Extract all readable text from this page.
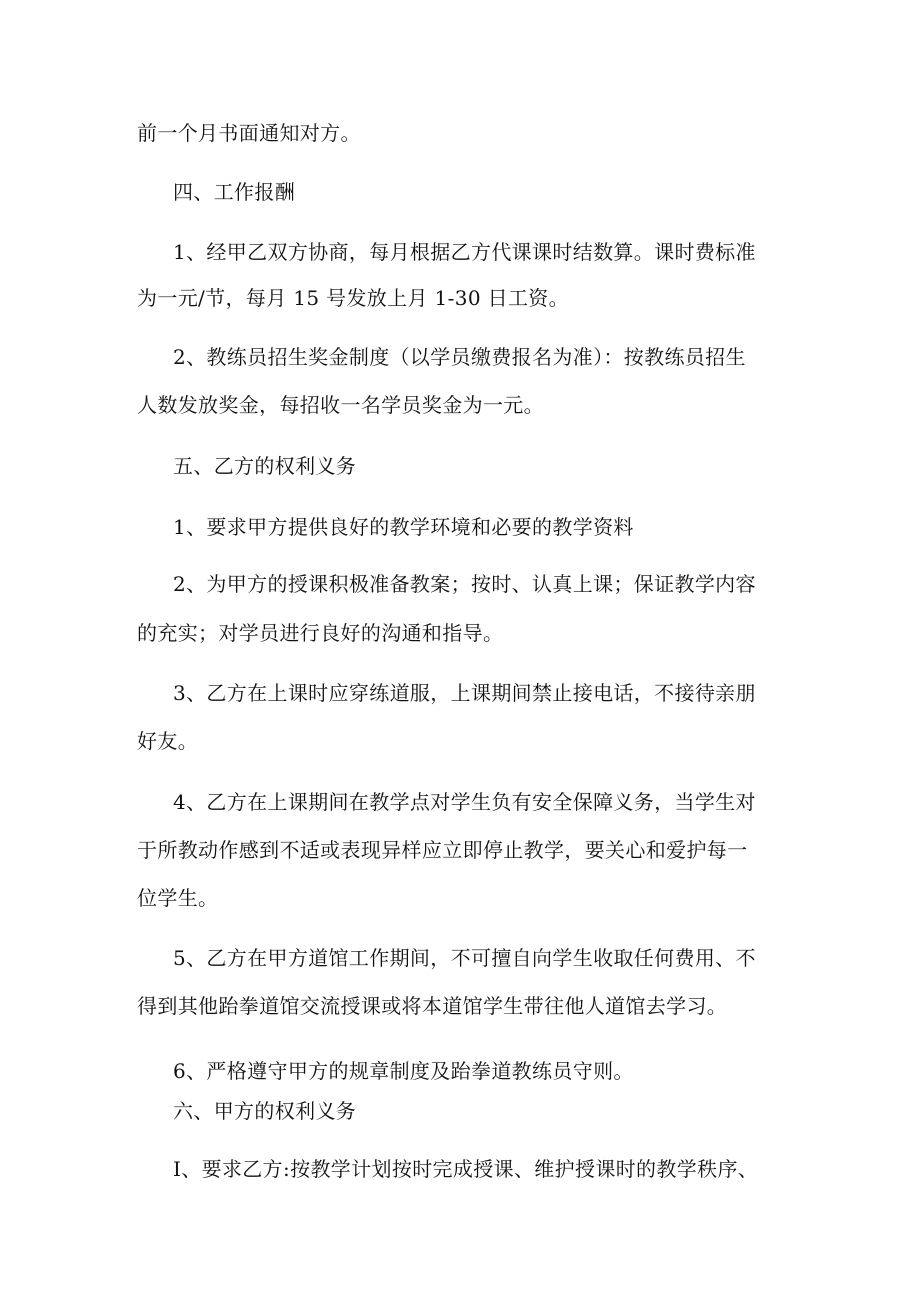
前一个月书面通知对方。
四、工作报酬
1、经甲乙双方协商，每月根据乙方代课课时结数算。课时费标准
为一元/节，每月 15 号发放上月 1-30 日工资。
2、教练员招生奖金制度（以学员缴费报名为准）：按教练员招生
人数发放奖金，每招收一名学员奖金为一元。
五、乙方的权利义务
1、要求甲方提供良好的教学环境和必要的教学资料
2、为甲方的授课积极准备教案；按时、认真上课；保证教学内容
的充实；对学员进行良好的沟通和指导。
3、乙方在上课时应穿练道服，上课期间禁止接电话，不接待亲朋
好友。
4、乙方在上课期间在教学点对学生负有安全保障义务，当学生对
于所教动作感到不适或表现异样应立即停止教学，要关心和爱护每一
位学生。
5、乙方在甲方道馆工作期间，不可擅自向学生收取任何费用、不
得到其他跆拳道馆交流授课或将本道馆学生带往他人道馆去学习。
6、严格遵守甲方的规章制度及跆拳道教练员守则。
六、甲方的权利义务
I、要求乙方:按教学计划按时完成授课、维护授课时的教学秩序、
